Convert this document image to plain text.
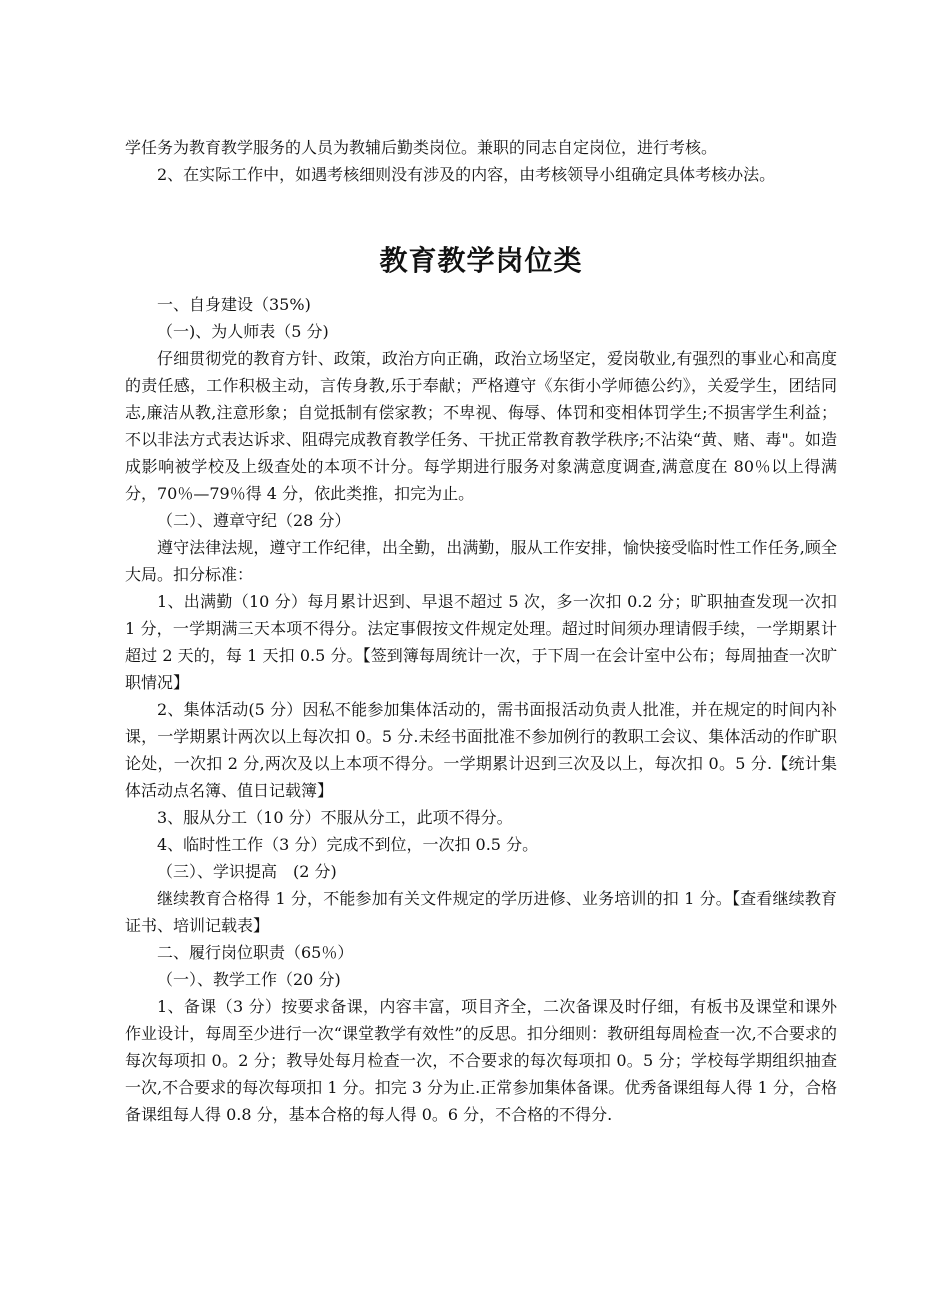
学任务为教育教学服务的人员为教辅后勤类岗位。兼职的同志自定岗位，进行考核。

2、在实际工作中，如遇考核细则没有涉及的内容，由考核领导小组确定具体考核办法。

教育教学岗位类

一、自身建设（35%)

（一)、为人师表（5 分)

仔细贯彻党的教育方针、政策，政治方向正确，政治立场坚定，爱岗敬业,有强烈的事业心和高度的责任感，工作积极主动，言传身教,乐于奉献；严格遵守《东街小学师德公约》，关爱学生，团结同志,廉洁从教,注意形象；自觉抵制有偿家教；不卑视、侮辱、体罚和变相体罚学生;不损害学生利益；不以非法方式表达诉求、阻碍完成教育教学任务、干扰正常教育教学秩序;不沾染“黄、赌、毒"。如造成影响被学校及上级查处的本项不计分。每学期进行服务对象满意度调查,满意度在 80％以上得满分，70％—79％得 4 分，依此类推，扣完为止。

（二）、遵章守纪（28 分）

遵守法律法规，遵守工作纪律，出全勤，出满勤，服从工作安排，愉快接受临时性工作任务,顾全大局。扣分标准：

1、出满勤（10 分）每月累计迟到、早退不超过 5 次，多一次扣 0.2 分；旷职抽查发现一次扣 1 分，一学期满三天本项不得分。法定事假按文件规定处理。超过时间须办理请假手续，一学期累计超过 2 天的，每 1 天扣 0.5 分。【签到簿每周统计一次，于下周一在会计室中公布；每周抽查一次旷职情况】

2、集体活动(5 分）因私不能参加集体活动的，需书面报活动负责人批准，并在规定的时间内补课，一学期累计两次以上每次扣 0。5 分.未经书面批准不参加例行的教职工会议、集体活动的作旷职论处，一次扣 2 分,两次及以上本项不得分。一学期累计迟到三次及以上，每次扣 0。5 分.【统计集体活动点名簿、值日记载簿】

3、服从分工（10 分）不服从分工，此项不得分。

4、临时性工作（3 分）完成不到位，一次扣 0.5 分。

（三）、学识提高　(2 分)

继续教育合格得 1 分，不能参加有关文件规定的学历进修、业务培训的扣 1 分。【查看继续教育证书、培训记载表】

二、履行岗位职责（65％）

（一）、教学工作（20 分)

1、备课（3 分）按要求备课，内容丰富，项目齐全，二次备课及时仔细，有板书及课堂和课外作业设计，每周至少进行一次“课堂教学有效性”的反思。扣分细则：教研组每周检查一次,不合要求的每次每项扣 0。2 分；教导处每月检查一次，不合要求的每次每项扣 0。5 分；学校每学期组织抽查一次,不合要求的每次每项扣 1 分。扣完 3 分为止.正常参加集体备课。优秀备课组每人得 1 分，合格备课组每人得 0.8 分，基本合格的每人得 0。6 分，不合格的不得分.
